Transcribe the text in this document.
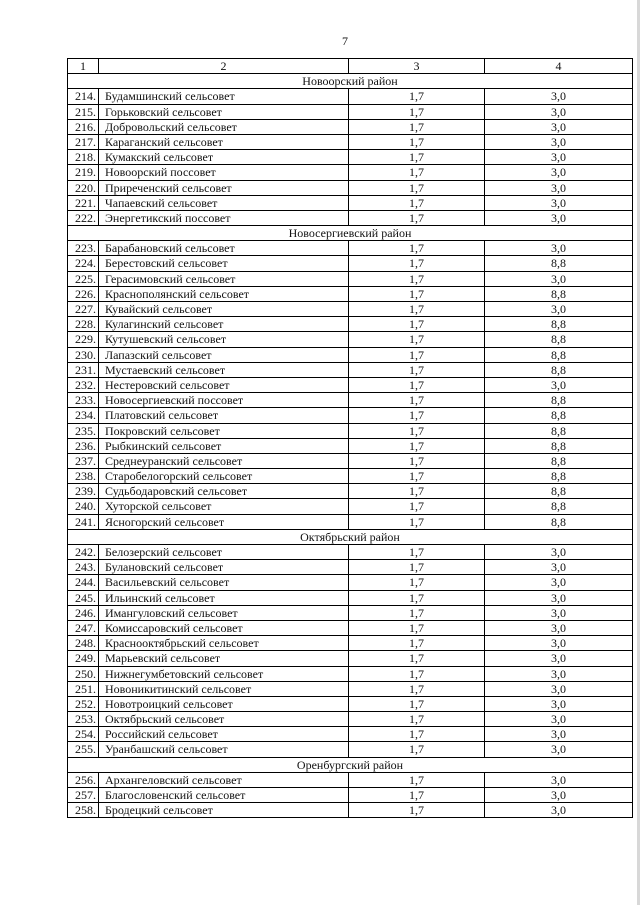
7
1	2	3	4
Новоорский район
214. Будамшинский сельсовет	1,7	3,0
215. Горьковский сельсовет	1,7	3,0
216. Добровольский сельсовет	1,7	3,0
217. Караганский сельсовет	1,7	3,0
218. Кумакский сельсовет	1,7	3,0
219. Новоорский поссовет	1,7	3,0
220. Приреченский сельсовет	1,7	3,0
221. Чапаевский сельсовет	1,7	3,0
222. Энергетикский поссовет	1,7	3,0
Новосергиевский район
223. Барабановский сельсовет	1,7	3,0
224. Берестовский сельсовет	1,7	8,8
225. Герасимовский сельсовет	1,7	3,0
226. Краснополянский сельсовет	1,7	8,8
227. Кувайский сельсовет	1,7	3,0
228. Кулагинский сельсовет	1,7	8,8
229. Кутушевский сельсовет	1,7	8,8
230. Лапазский сельсовет	1,7	8,8
231. Мустаевский сельсовет	1,7	8,8
232. Нестеровский сельсовет	1,7	3,0
233. Новосергиевский поссовет	1,7	8,8
234. Платовский сельсовет	1,7	8,8
235. Покровский сельсовет	1,7	8,8
236. Рыбкинский сельсовет	1,7	8,8
237. Среднеуранский сельсовет	1,7	8,8
238. Старобелогорский сельсовет	1,7	8,8
239. Судьбодаровский сельсовет	1,7	8,8
240. Хуторской сельсовет	1,7	8,8
241. Ясногорский сельсовет	1,7	8,8
Октябрьский район
242. Белозерский сельсовет	1,7	3,0
243. Булановский сельсовет	1,7	3,0
244. Васильевский сельсовет	1,7	3,0
245. Ильинский сельсовет	1,7	3,0
246. Имангуловский сельсовет	1,7	3,0
247. Комиссаровский сельсовет	1,7	3,0
248. Краснооктябрьский сельсовет	1,7	3,0
249. Марьевский сельсовет	1,7	3,0
250. Нижнегумбетовский сельсовет	1,7	3,0
251. Новоникитинский сельсовет	1,7	3,0
252. Новотроицкий сельсовет	1,7	3,0
253. Октябрьский сельсовет	1,7	3,0
254. Российский сельсовет	1,7	3,0
255. Уранбашский сельсовет	1,7	3,0
Оренбургский район
256. Архангеловский сельсовет	1,7	3,0
257. Благословенский сельсовет	1,7	3,0
258. Бродецкий сельсовет	1,7	3,0
